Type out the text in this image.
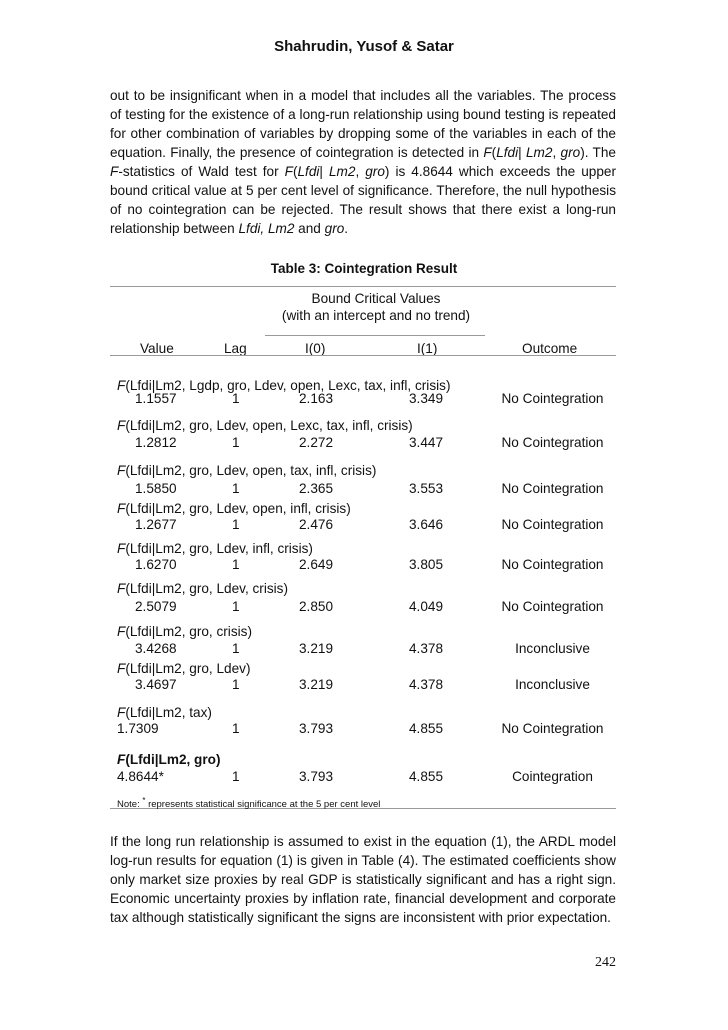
Shahrudin, Yusof & Satar

out to be insignificant when in a model that includes all the variables. The process of testing for the existence of a long-run relationship using bound testing is repeated for other combination of variables by dropping some of the variables in each of the equation. Finally, the presence of cointegration is detected in F(Lfdi| Lm2, gro). The F-statistics of Wald test for F(Lfdi| Lm2, gro) is 4.8644 which exceeds the upper bound critical value at 5 per cent level of significance. Therefore, the null hypothesis of no cointegration can be rejected. The result shows that there exist a long-run relationship between Lfdi, Lm2 and gro.

Table 3: Cointegration Result
Bound Critical Values
(with an intercept and no trend)
Value	Lag	I(0)	I(1)	Outcome
F(Lfdi|Lm2, Lgdp, gro, Ldev, open, Lexc, tax, infl, crisis)
1.1557	1	2.163	3.349	No Cointegration
F(Lfdi|Lm2, gro, Ldev, open, Lexc, tax, infl, crisis)
1.2812	1	2.272	3.447	No Cointegration
F(Lfdi|Lm2, gro, Ldev, open, tax, infl, crisis)
1.5850	1	2.365	3.553	No Cointegration
F(Lfdi|Lm2, gro, Ldev, open, infl, crisis)
1.2677	1	2.476	3.646	No Cointegration
F(Lfdi|Lm2, gro, Ldev, infl, crisis)
1.6270	1	2.649	3.805	No Cointegration
F(Lfdi|Lm2, gro, Ldev, crisis)
2.5079	1	2.850	4.049	No Cointegration
F(Lfdi|Lm2, gro, crisis)
3.4268	1	3.219	4.378	Inconclusive
F(Lfdi|Lm2, gro, Ldev)
3.4697	1	3.219	4.378	Inconclusive
F(Lfdi|Lm2, tax)
1.7309	1	3.793	4.855	No Cointegration
F(Lfdi|Lm2, gro)
4.8644*	1	3.793	4.855	Cointegration
Note: * represents statistical significance at the 5 per cent level

If the long run relationship is assumed to exist in the equation (1), the ARDL model log-run results for equation (1) is given in Table (4). The estimated coefficients show only market size proxies by real GDP is statistically significant and has a right sign. Economic uncertainty proxies by inflation rate, financial development and corporate tax although statistically significant the signs are inconsistent with prior expectation.

242
